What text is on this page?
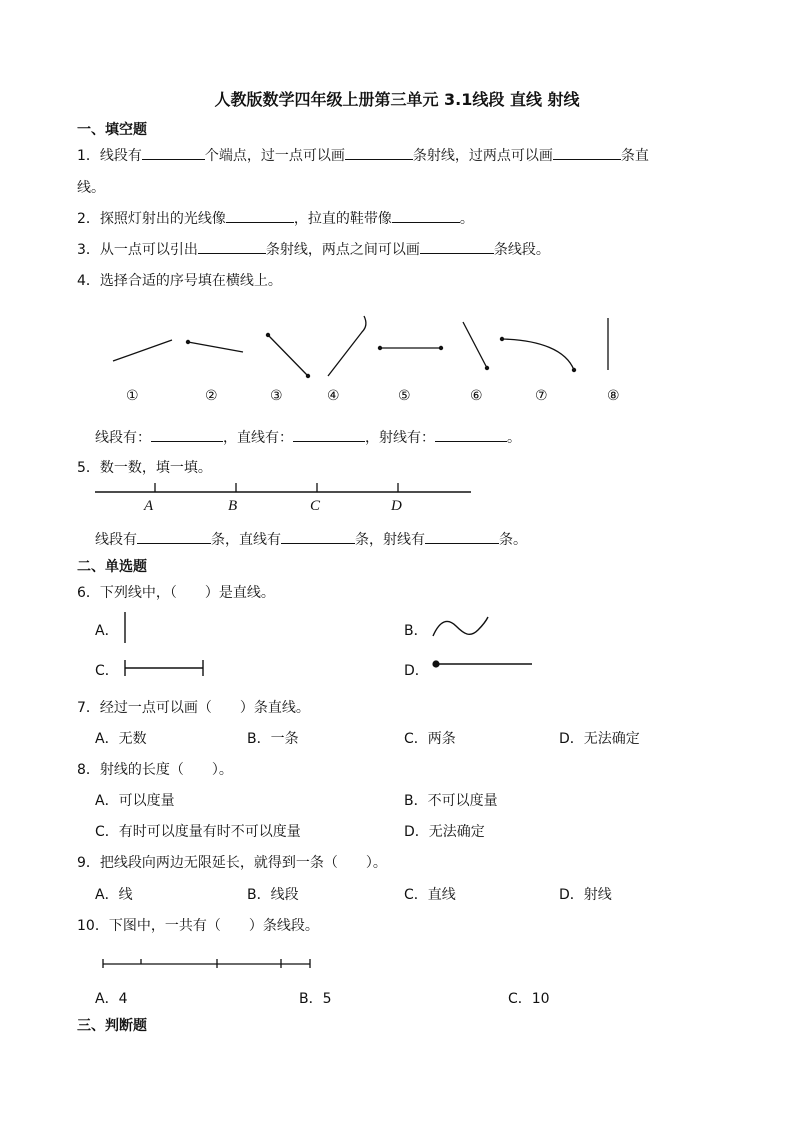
人教版数学四年级上册第三单元 3.1线段 直线 射线
一、填空题
1．线段有	个端点，过一点可以画	条射线，过两点可以画	条直
线。
2．探照灯射出的光线像	，拉直的鞋带像	。
3．从一点可以引出	条射线，两点之间可以画	条线段。
4．选择合适的序号填在横线上。
①	②	③	④	⑤	⑥	⑦	⑧
线段有：	，直线有：	，射线有：	。
5．数一数，填一填。
A	B	C	D
线段有	条，直线有	条，射线有	条。
二、单选题
6．下列线中，（　　）是直线。
A．	B．
C．	D．
7．经过一点可以画（　　）条直线。
A．无数	B．一条	C．两条	D．无法确定
8．射线的长度（　　）。
A．可以度量	B．不可以度量
C．有时可以度量有时不可以度量	D．无法确定
9．把线段向两边无限延长，就得到一条（　　）。
A．线	B．线段	C．直线	D．射线
10．下图中，一共有（　　）条线段。
A．4	B．5	C．10
三、判断题
